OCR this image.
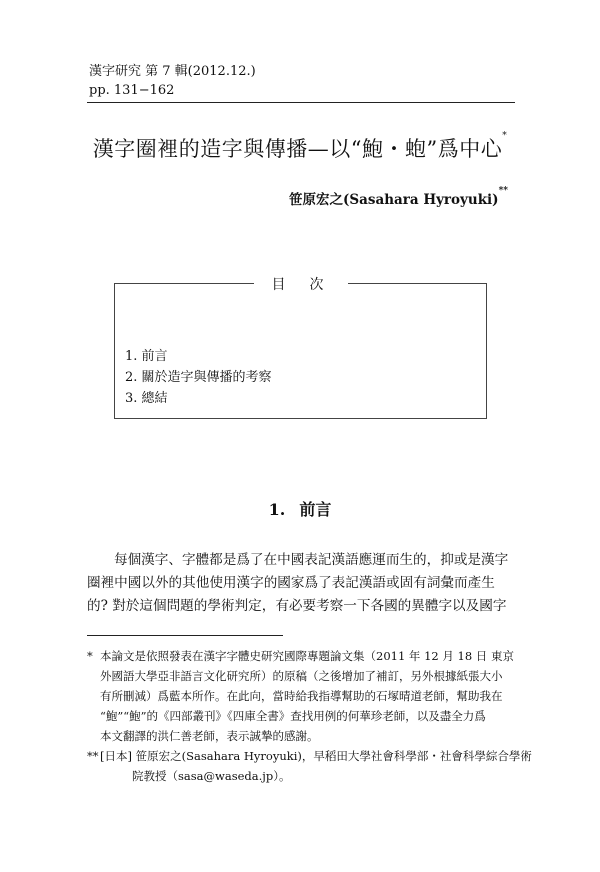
漢字研究 第 7 輯(2012.12.)
pp. 131−162
漢字圈裡的造字與傳播—以“鮑・蚫”爲中心*
笹原宏之(Sasahara Hyroyuki)**
目次
1. 前言
2. 關於造字與傳播的考察
3. 總結
1. 前言
每個漢字、字體都是爲了在中國表記漢語應運而生的，抑或是漢字
圈裡中國以外的其他使用漢字的國家爲了表記漢語或固有詞彙而產生
的? 對於這個問題的學術判定，有必要考察一下各國的異體字以及國字
* 本論文是依照發表在漢字字體史研究國際專題論文集（2011 年 12 月 18 日 東京
外國語大學亞非語言文化研究所）的原稿（之後增加了補訂，另外根據紙張大小
有所刪減）爲藍本所作。在此向，當時給我指導幫助的石塚晴道老師，幫助我在
“鮑”“鮑”的《四部叢刊》《四庫全書》查找用例的何華珍老師，以及盡全力爲
本文翻譯的洪仁善老師，表示誠摯的感謝。
** [日本] 笹原宏之(Sasahara Hyroyuki)，早稻田大學社會科學部・社會科學綜合學術
院教授（sasa@waseda.jp）。
